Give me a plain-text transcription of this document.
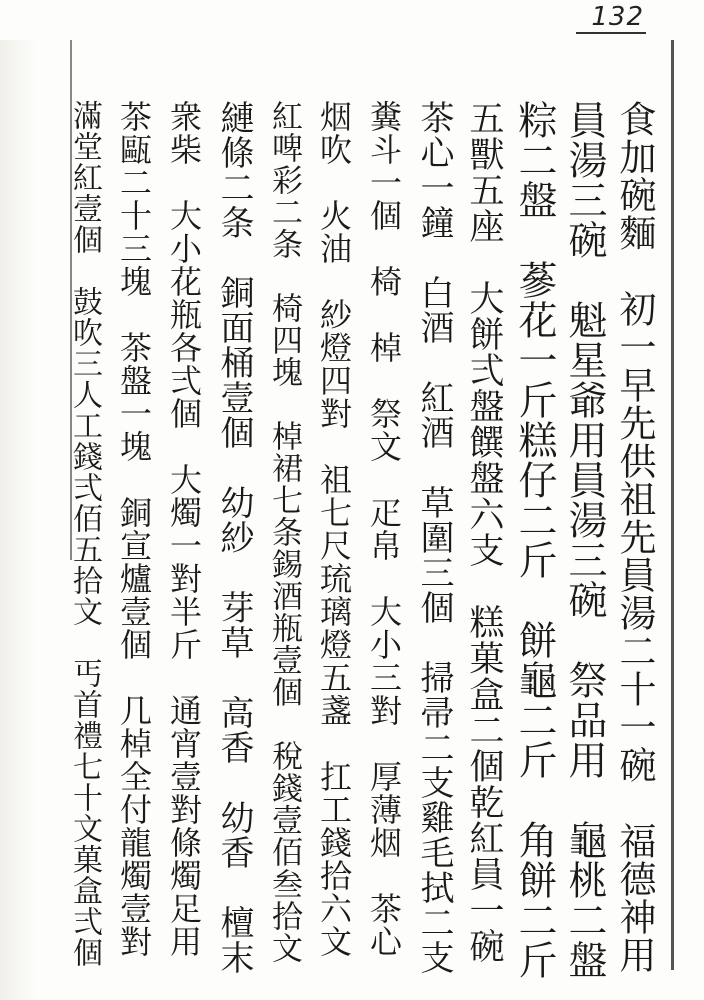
132
食加碗麵　初一早先供祖先員湯二十一碗　福德神用
員湯三碗　魁星爺用員湯三碗　祭品用　龜桃二盤
粽二盤　蔘花一斤糕仔二斤　餅龜二斤　角餅二斤
五獸五座　大餅弍盤饌盤六支　糕菓盒二個乾紅員一碗
茶心一鐘　白酒　紅酒　草圍三個　掃帚二支雞毛拭二支
糞斗一個　椅　棹　祭文　疋帛　大小三對　厚薄烟　茶心
烟吹　火油　紗燈四對　祖七尺琉璃燈五盞　扛工錢拾六文
紅啤彩二条　椅四塊　棹裙七条錫酒瓶壹個　稅錢壹佰叁拾文
縺條二条　銅面桶壹個　幼紗　芽草　高香　幼香　檀末
衆柴　大小花瓶各弍個　大燭一對半斤　通宵壹對條燭足用
茶甌二十三塊　茶盤一塊　銅宣爐壹個　几棹全付龍燭壹對
滿堂紅壹個　鼓吹三人工錢弍佰五拾文　丐首禮七十文菓盒弍個
